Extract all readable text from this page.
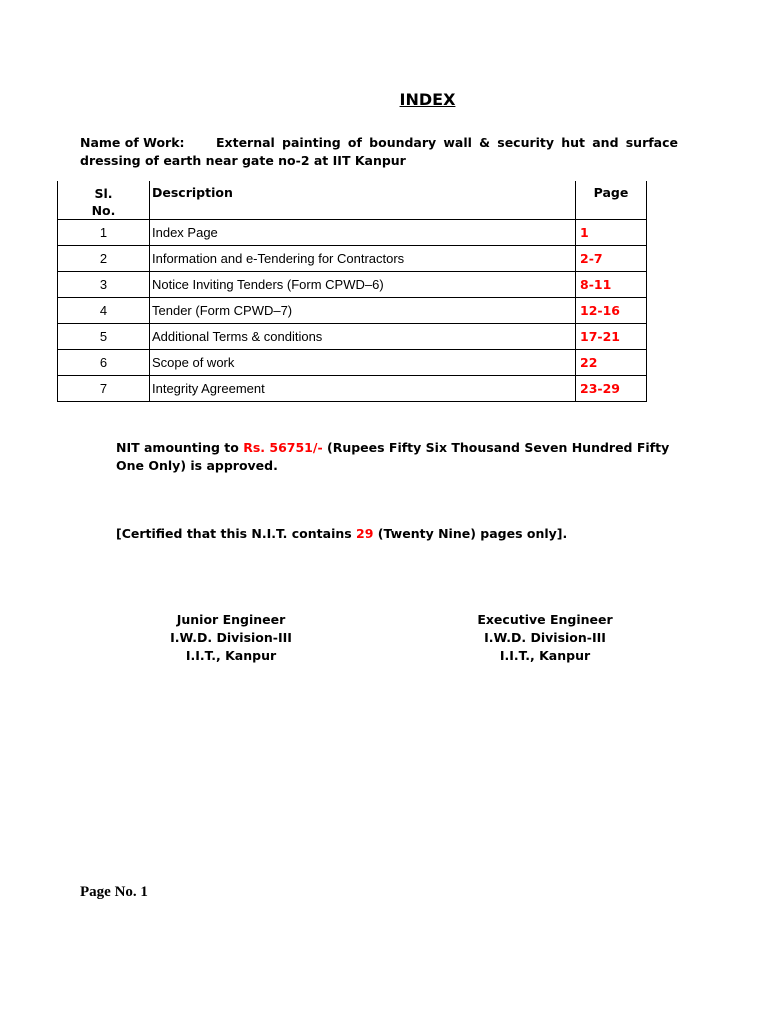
INDEX
Name of Work:	External painting of boundary wall & security hut and surface dressing of earth near gate no-2 at IIT Kanpur
Sl.
No.	Description	Page
1	Index Page	1
2	Information and e-Tendering for Contractors	2-7
3	Notice Inviting Tenders (Form CPWD–6)	8-11
4	Tender (Form CPWD–7)	12-16
5	Additional Terms & conditions	17-21
6	Scope of work	22
7	Integrity Agreement	23-29
NIT amounting to Rs. 56751/- (Rupees Fifty Six Thousand Seven Hundred Fifty One Only) is approved.
[Certified that this N.I.T. contains 29 (Twenty Nine) pages only].
Junior Engineer
I.W.D. Division-III
I.I.T., Kanpur
Executive Engineer
I.W.D. Division-III
I.I.T., Kanpur
Page No. 1
